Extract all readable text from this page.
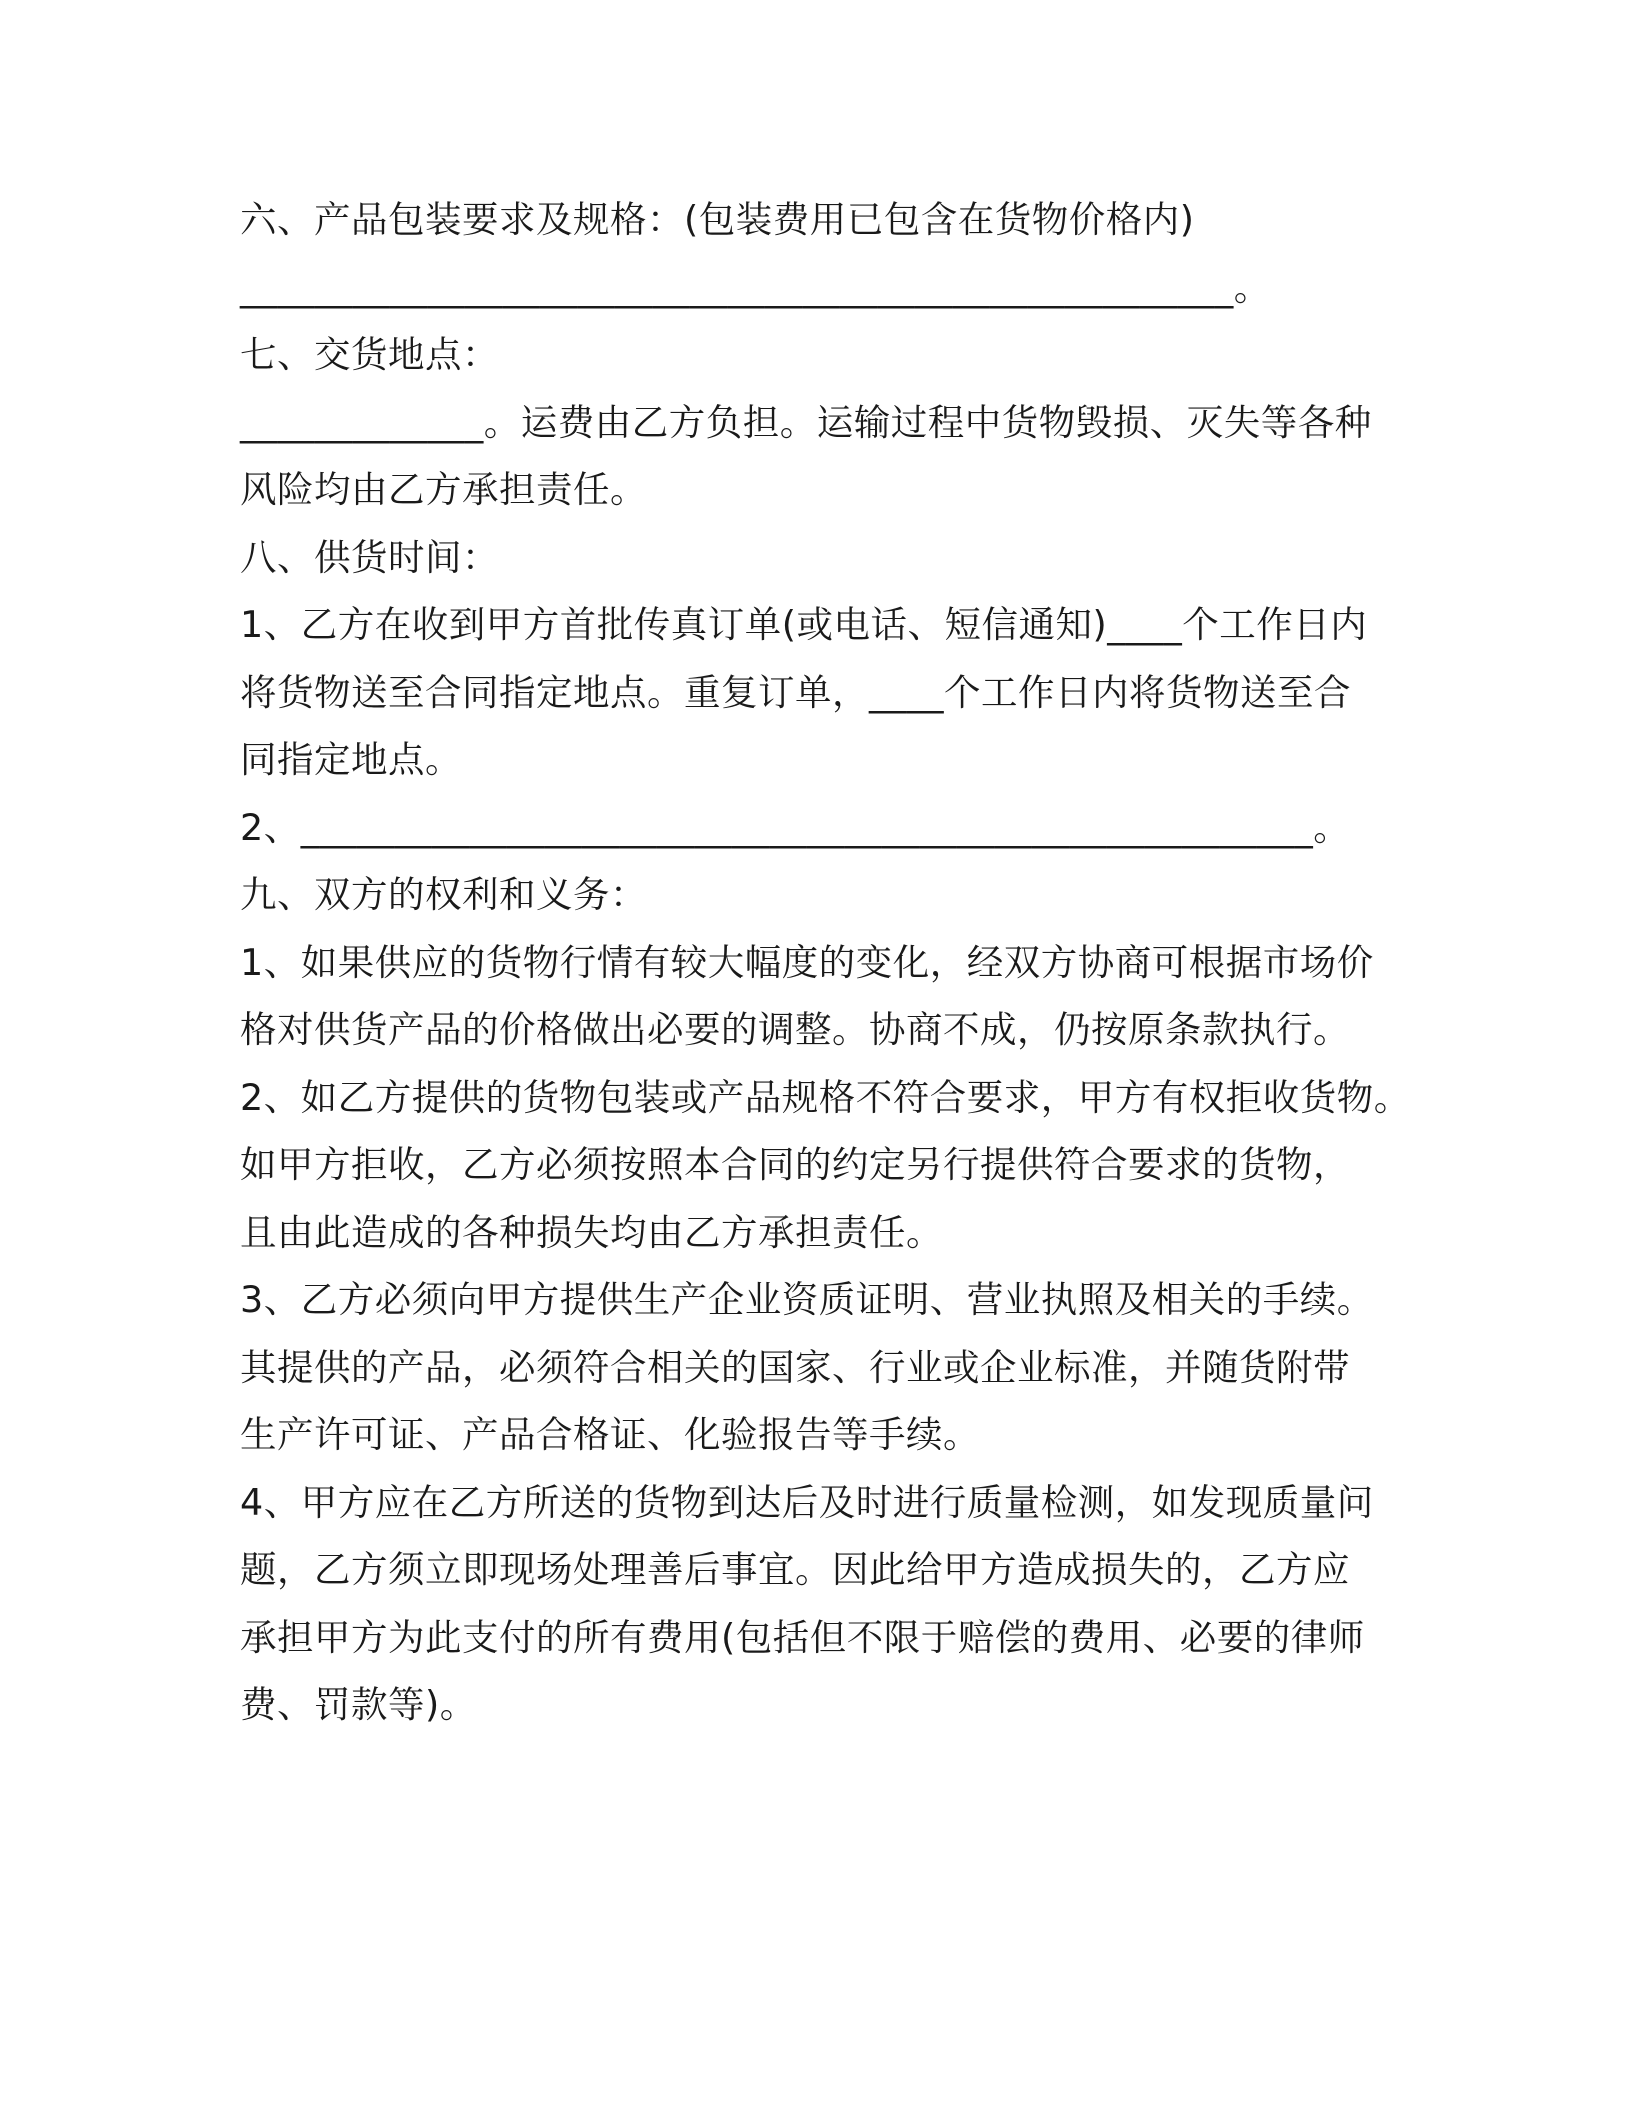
六、产品包装要求及规格：(包装费用已包含在货物价格内)
_____________________________________________________。
七、交货地点：
_____________。运费由乙方负担。运输过程中货物毁损、灭失等各种
风险均由乙方承担责任。
八、供货时间：
1、乙方在收到甲方首批传真订单(或电话、短信通知)____个工作日内
将货物送至合同指定地点。重复订单，____个工作日内将货物送至合
同指定地点。
2、______________________________________________________。
九、双方的权利和义务：
1、如果供应的货物行情有较大幅度的变化，经双方协商可根据市场价
格对供货产品的价格做出必要的调整。协商不成，仍按原条款执行。
2、如乙方提供的货物包装或产品规格不符合要求，甲方有权拒收货物。
如甲方拒收，乙方必须按照本合同的约定另行提供符合要求的货物，
且由此造成的各种损失均由乙方承担责任。
3、乙方必须向甲方提供生产企业资质证明、营业执照及相关的手续。
其提供的产品，必须符合相关的国家、行业或企业标准，并随货附带
生产许可证、产品合格证、化验报告等手续。
4、甲方应在乙方所送的货物到达后及时进行质量检测，如发现质量问
题，乙方须立即现场处理善后事宜。因此给甲方造成损失的，乙方应
承担甲方为此支付的所有费用(包括但不限于赔偿的费用、必要的律师
费、罚款等)。
